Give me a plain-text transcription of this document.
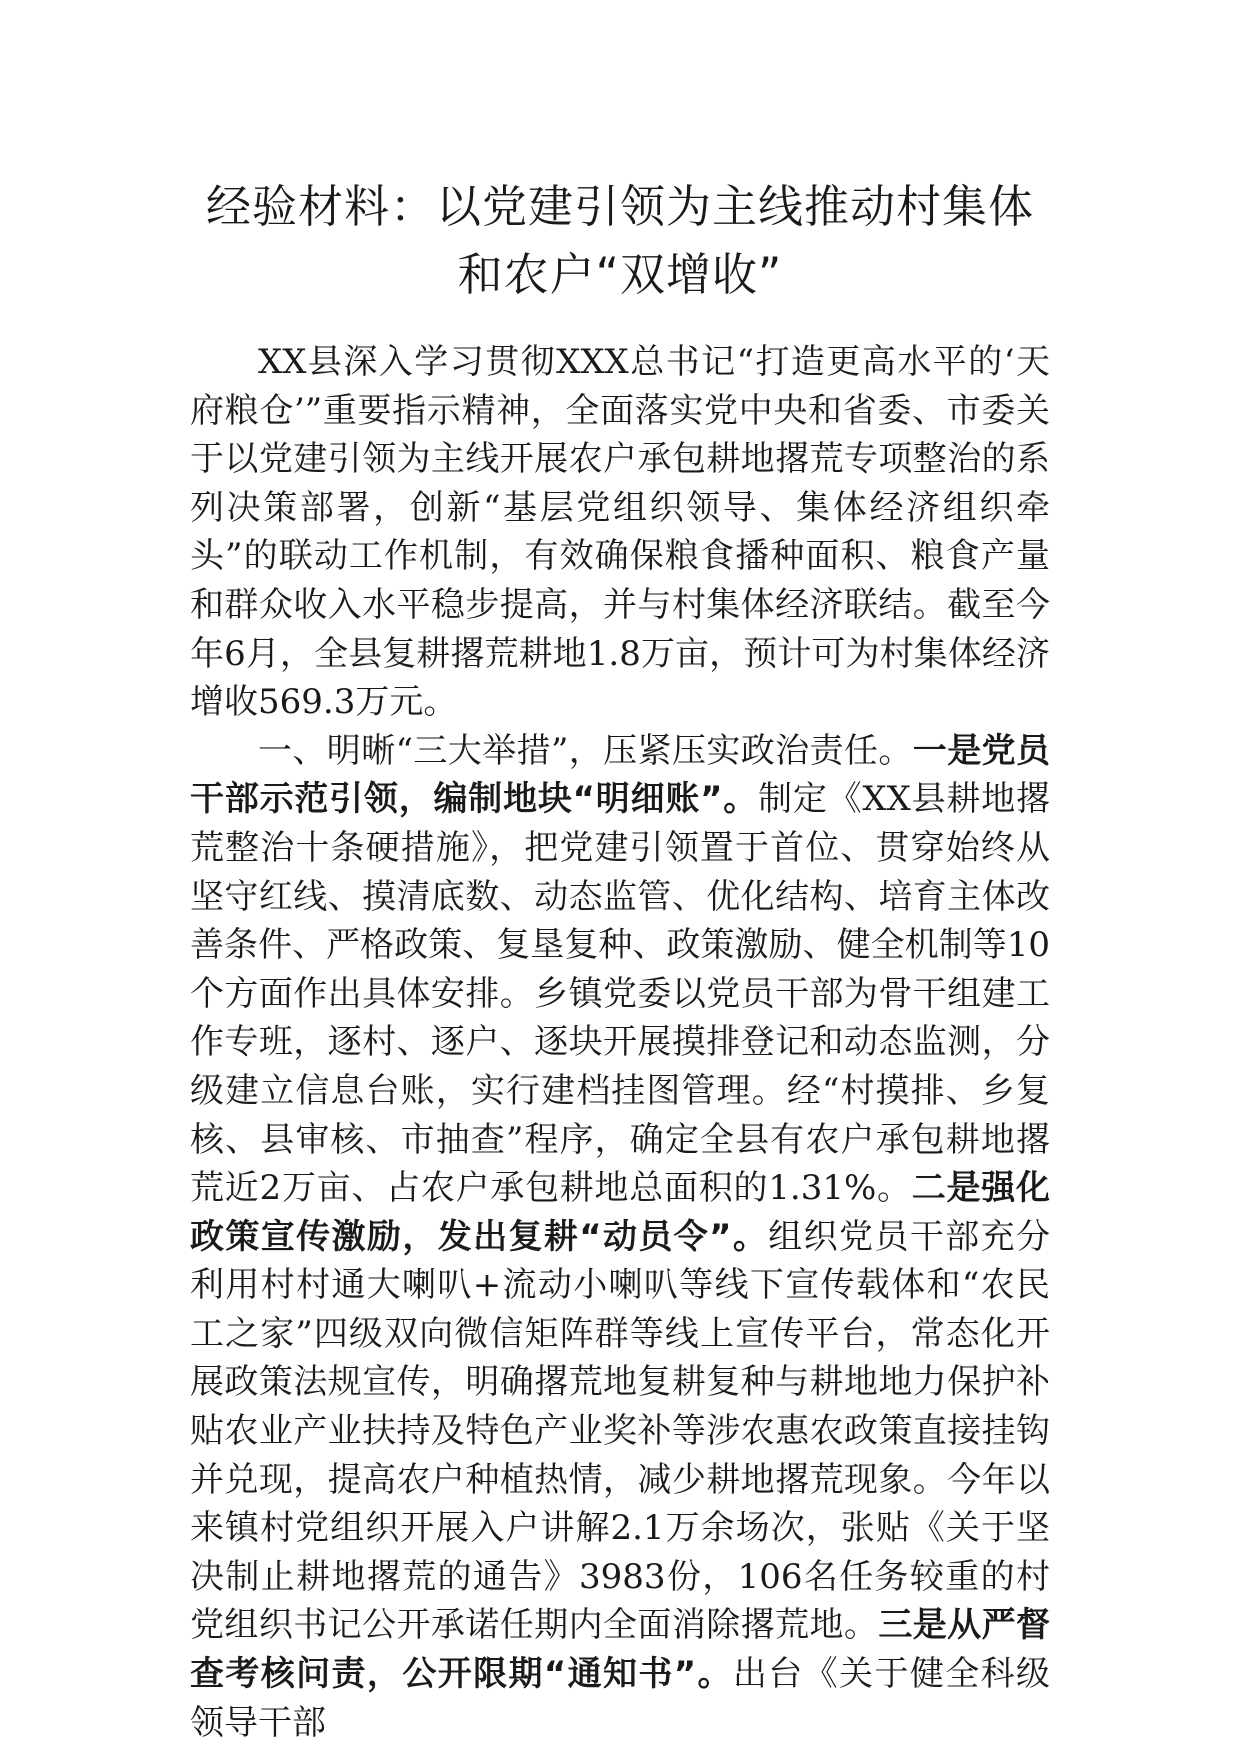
经验材料：以党建引领为主线推动村集体
和农户“双增收”

XX县深入学习贯彻XXX总书记“打造更高水平的‘天府粮仓’”重要指示精神，全面落实党中央和省委、市委关于以党建引领为主线开展农户承包耕地撂荒专项整治的系列决策部署，创新“基层党组织领导、集体经济组织牵头”的联动工作机制，有效确保粮食播种面积、粮食产量和群众收入水平稳步提高，并与村集体经济联结。截至今年6月，全县复耕撂荒耕地1.8万亩，预计可为村集体经济增收569.3万元。

一、明晰“三大举措”，压紧压实政治责任。一是党员干部示范引领，编制地块“明细账”。制定《XX县耕地撂荒整治十条硬措施》，把党建引领置于首位、贯穿始终从坚守红线、摸清底数、动态监管、优化结构、培育主体改善条件、严格政策、复垦复种、政策激励、健全机制等10个方面作出具体安排。乡镇党委以党员干部为骨干组建工作专班，逐村、逐户、逐块开展摸排登记和动态监测，分级建立信息台账，实行建档挂图管理。经“村摸排、乡复核、县审核、市抽查”程序，确定全县有农户承包耕地撂荒近2万亩、占农户承包耕地总面积的1.31%。二是强化政策宣传激励，发出复耕“动员令”。组织党员干部充分利用村村通大喇叭+流动小喇叭等线下宣传载体和“农民工之家”四级双向微信矩阵群等线上宣传平台，常态化开展政策法规宣传，明确撂荒地复耕复种与耕地地力保护补贴农业产业扶持及特色产业奖补等涉农惠农政策直接挂钩并兑现，提高农户种植热情，减少耕地撂荒现象。今年以来镇村党组织开展入户讲解2.1万余场次，张贴《关于坚决制止耕地撂荒的通告》3983份，106名任务较重的村党组织书记公开承诺任期内全面消除撂荒地。三是从严督查考核问责，公开限期“通知书”。出台《关于健全科级领导干部
